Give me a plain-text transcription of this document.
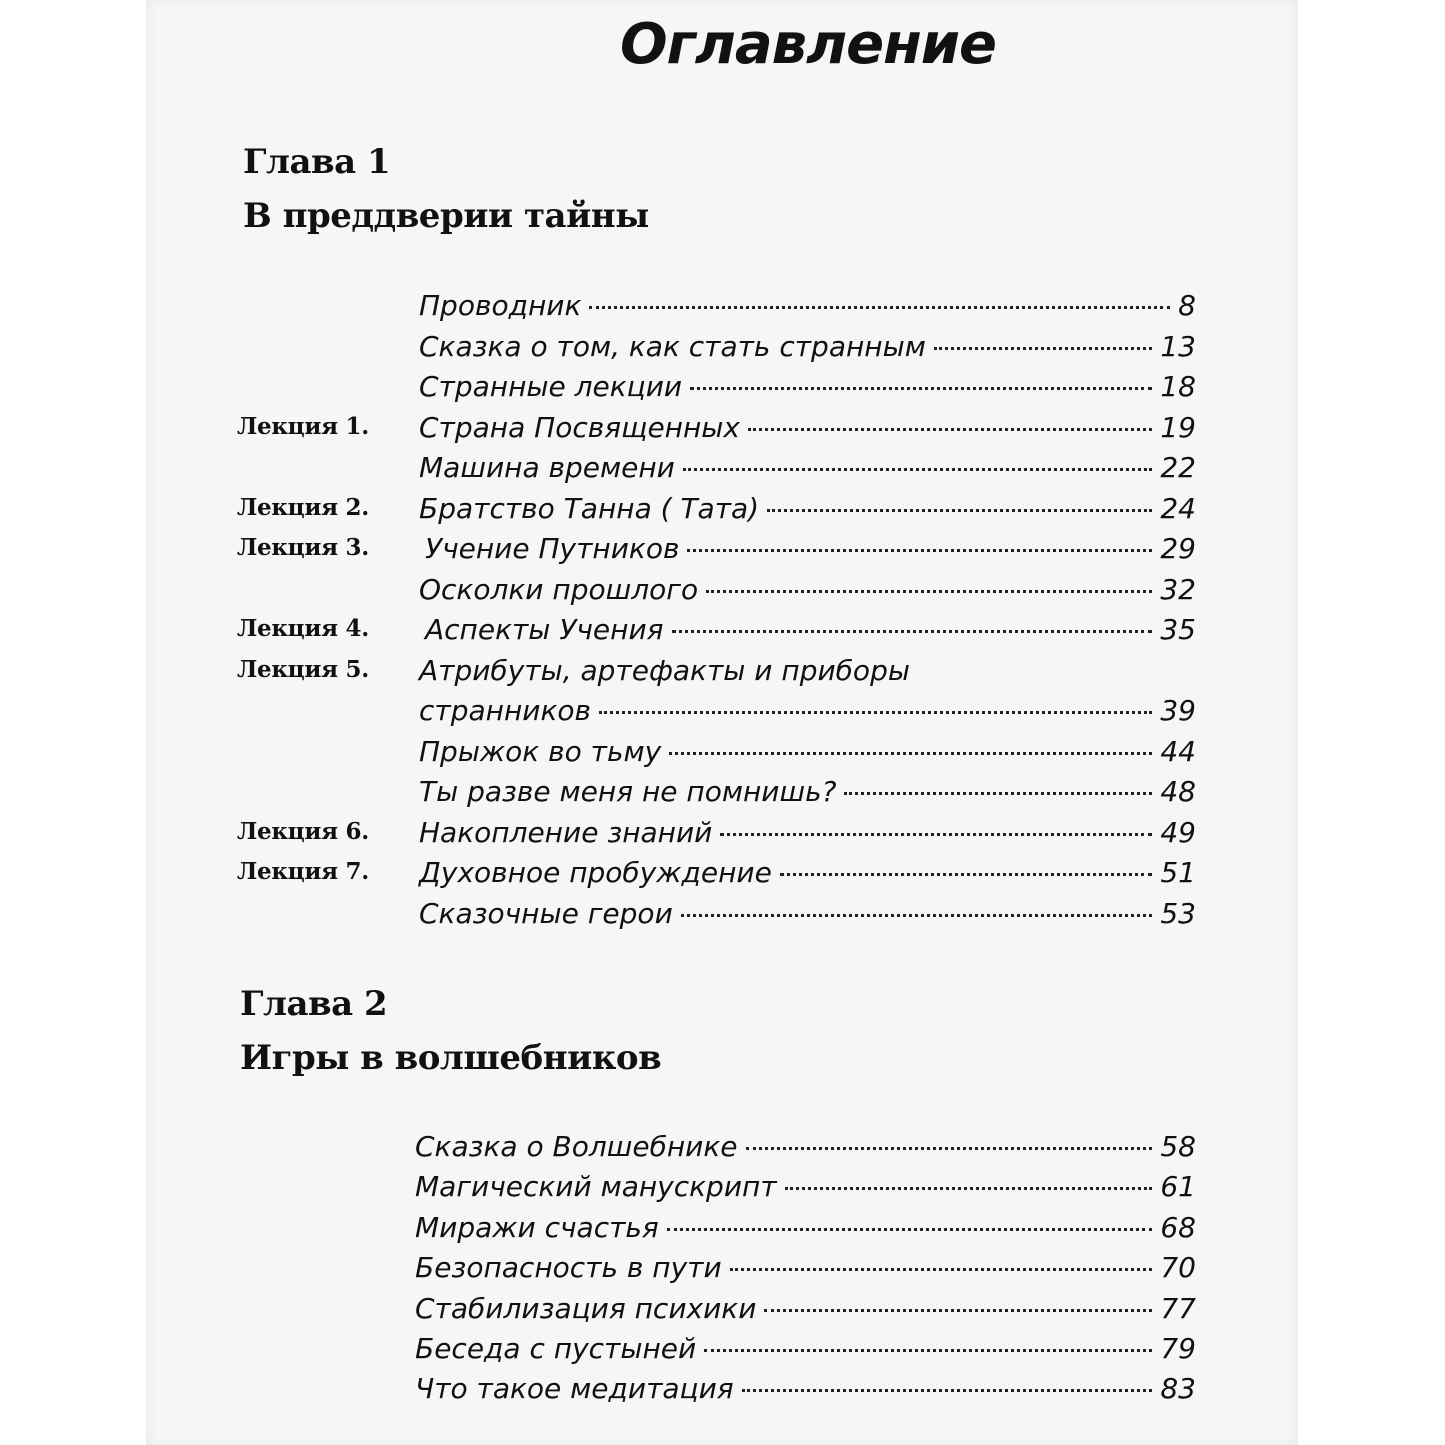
Оглавление
Глава 1
В преддверии тайны
Проводник	8
Сказка о том, как стать странным	13
Странные лекции	18
Лекция 1. Страна Посвященных	19
Машина времени	22
Лекция 2. Братство Танна ( Тата)	24
Лекция 3. Учение Путников	29
Осколки прошлого	32
Лекция 4. Аспекты Учения	35
Лекция 5. Атрибуты, артефакты и приборы
странников	39
Прыжок во тьму	44
Ты разве меня не помнишь?	48
Лекция 6. Накопление знаний	49
Лекция 7. Духовное пробуждение	51
Сказочные герои	53
Глава 2
Игры в волшебников
Сказка о Волшебнике	58
Магический манускрипт	61
Миражи счастья	68
Безопасность в пути	70
Стабилизация психики	77
Беседа с пустыней	79
Что такое медитация	83
